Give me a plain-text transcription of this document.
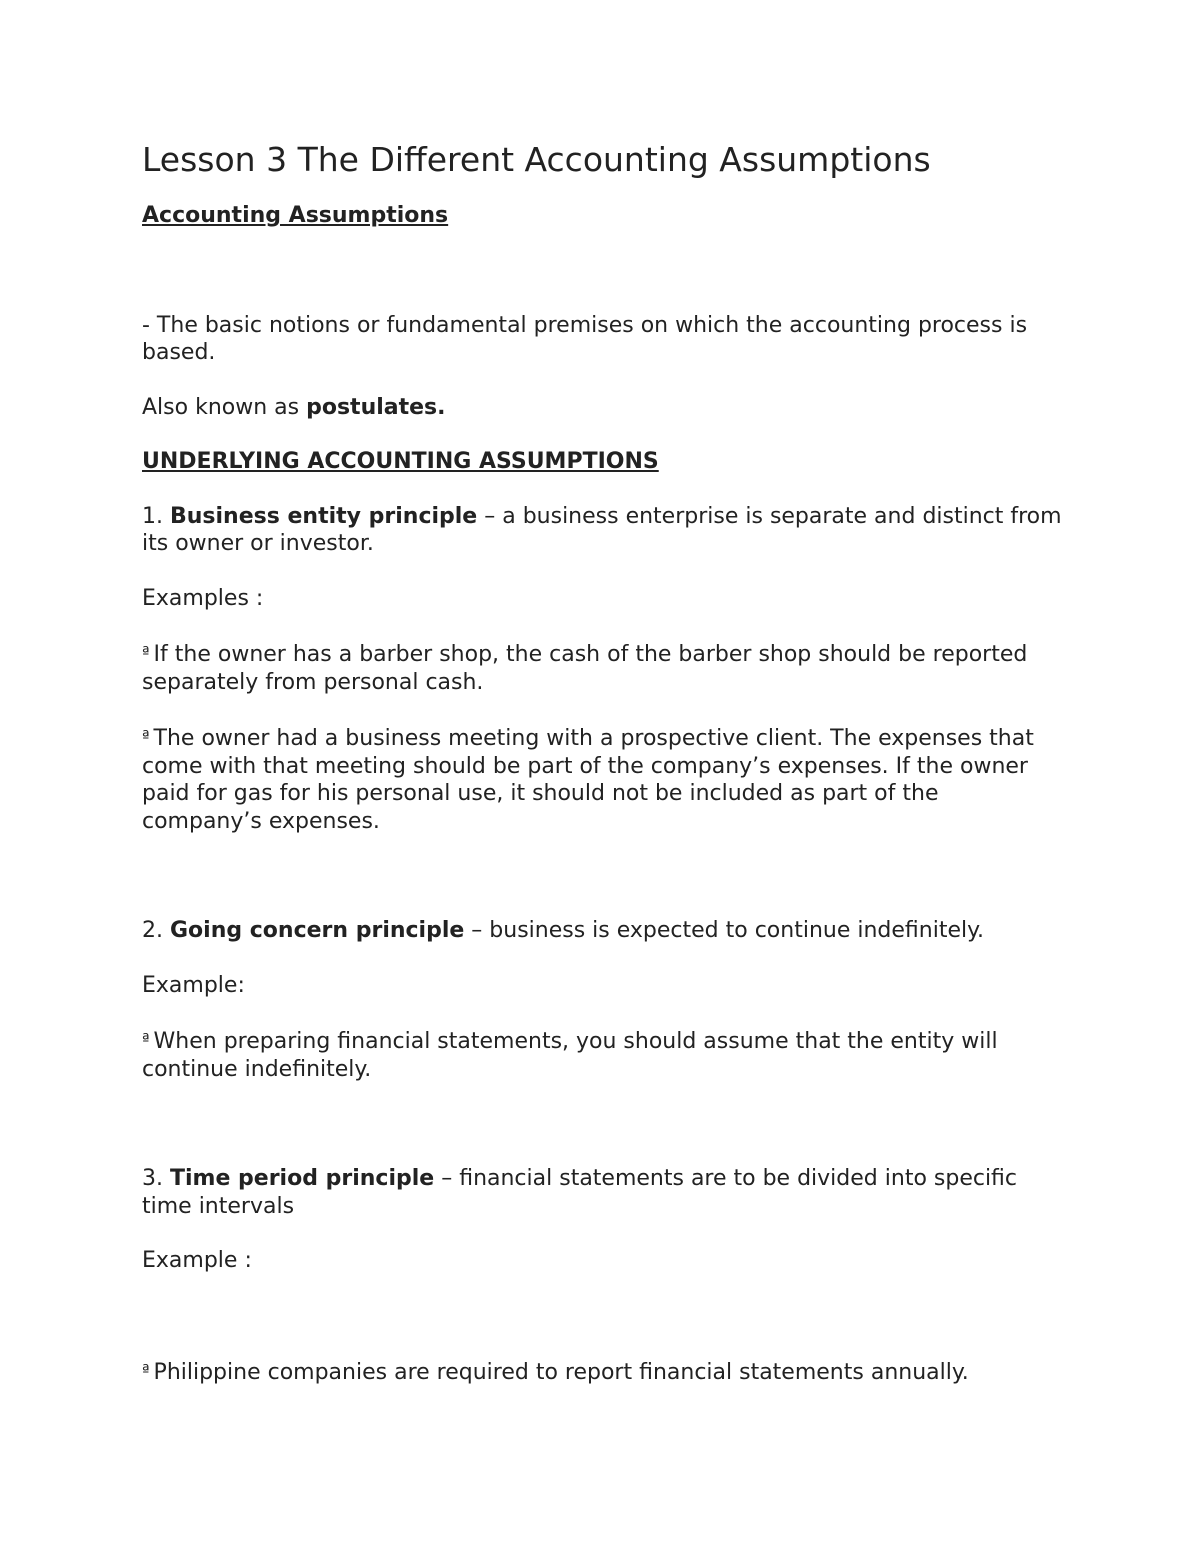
Lesson 3 The Different Accounting Assumptions

Accounting Assumptions

- The basic notions or fundamental premises on which the accounting process is based.

Also known as postulates.

UNDERLYING ACCOUNTING ASSUMPTIONS

1. Business entity principle – a business enterprise is separate and distinct from its owner or investor.

Examples :

ª If the owner has a barber shop, the cash of the barber shop should be reported separately from personal cash.

ª The owner had a business meeting with a prospective client. The expenses that come with that meeting should be part of the company’s expenses. If the owner paid for gas for his personal use, it should not be included as part of the company’s expenses.

2. Going concern principle – business is expected to continue indefinitely.

Example:

ª When preparing financial statements, you should assume that the entity will continue indefinitely.

3. Time period principle – financial statements are to be divided into specific time intervals

Example :

ª Philippine companies are required to report financial statements annually.
